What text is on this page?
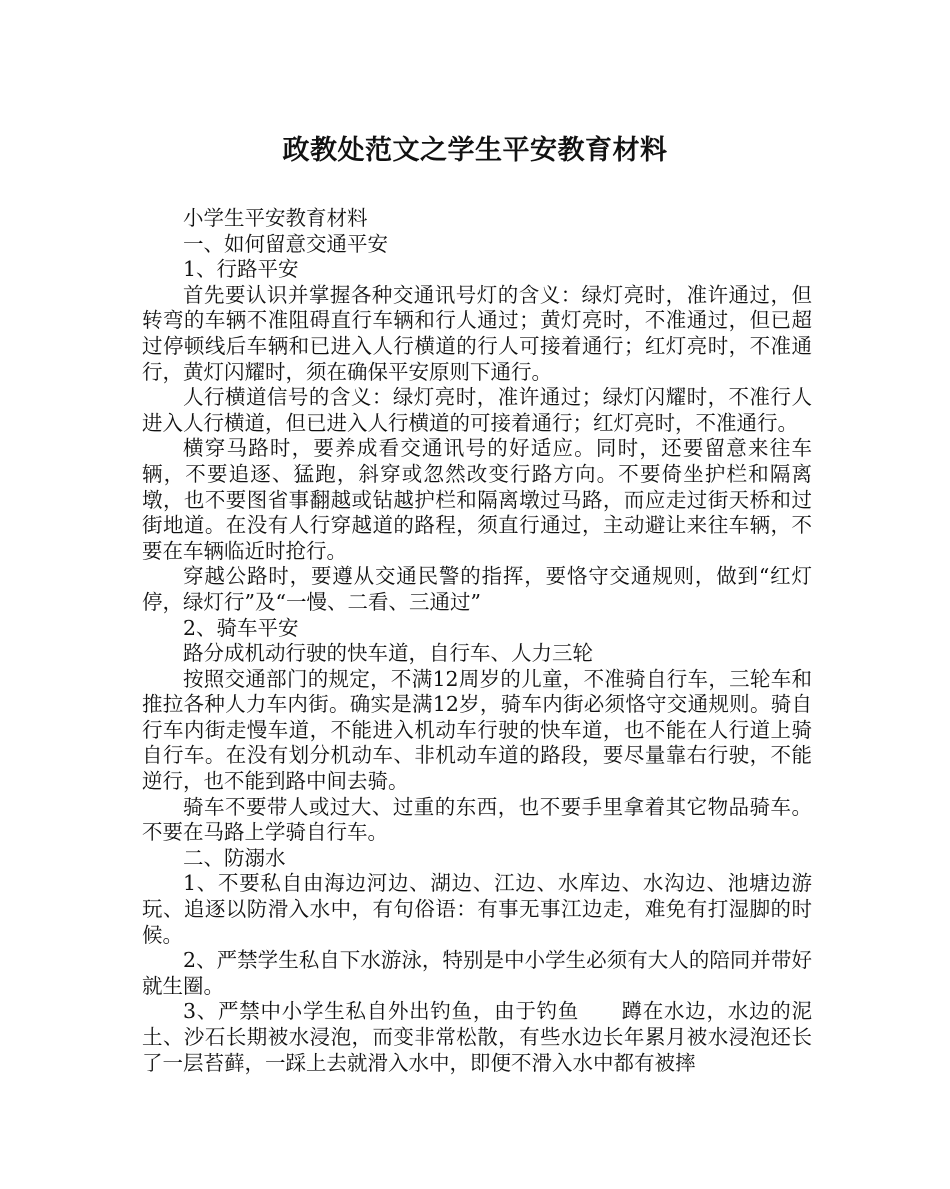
政教处范文之学生平安教育材料

小学生平安教育材料

一、如何留意交通平安

1、行路平安

首先要认识并掌握各种交通讯号灯的含义：绿灯亮时，准许通过，但转弯的车辆不准阻碍直行车辆和行人通过；黄灯亮时，不准通过，但已超过停顿线后车辆和已进入人行横道的行人可接着通行；红灯亮时，不准通行，黄灯闪耀时，须在确保平安原则下通行。

人行横道信号的含义：绿灯亮时，准许通过；绿灯闪耀时，不准行人进入人行横道，但已进入人行横道的可接着通行；红灯亮时，不准通行。

横穿马路时，要养成看交通讯号的好适应。同时，还要留意来往车辆，不要追逐、猛跑，斜穿或忽然改变行路方向。不要倚坐护栏和隔离墩，也不要图省事翻越或钻越护栏和隔离墩过马路，而应走过街天桥和过街地道。在没有人行穿越道的路程，须直行通过，主动避让来往车辆，不要在车辆临近时抢行。

穿越公路时，要遵从交通民警的指挥，要恪守交通规则，做到“红灯停，绿灯行”及“一慢、二看、三通过”

2、骑车平安

路分成机动行驶的快车道，自行车、人力三轮

按照交通部门的规定，不满12周岁的儿童，不准骑自行车，三轮车和推拉各种人力车内街。确实是满12岁，骑车内街必须恪守交通规则。骑自行车内街走慢车道，不能进入机动车行驶的快车道，也不能在人行道上骑自行车。在没有划分机动车、非机动车道的路段，要尽量靠右行驶，不能逆行，也不能到路中间去骑。

骑车不要带人或过大、过重的东西，也不要手里拿着其它物品骑车。不要在马路上学骑自行车。

二、防溺水

1、不要私自由海边河边、湖边、江边、水库边、水沟边、池塘边游玩、追逐以防滑入水中，有句俗语：有事无事江边走，难免有打湿脚的时候。

2、严禁学生私自下水游泳，特别是中小学生必须有大人的陪同并带好就生圈。

3、严禁中小学生私自外出钓鱼，由于钓鱼　　蹲在水边，水边的泥土、沙石长期被水浸泡，而变非常松散，有些水边长年累月被水浸泡还长了一层苔藓，一踩上去就滑入水中，即便不滑入水中都有被摔
